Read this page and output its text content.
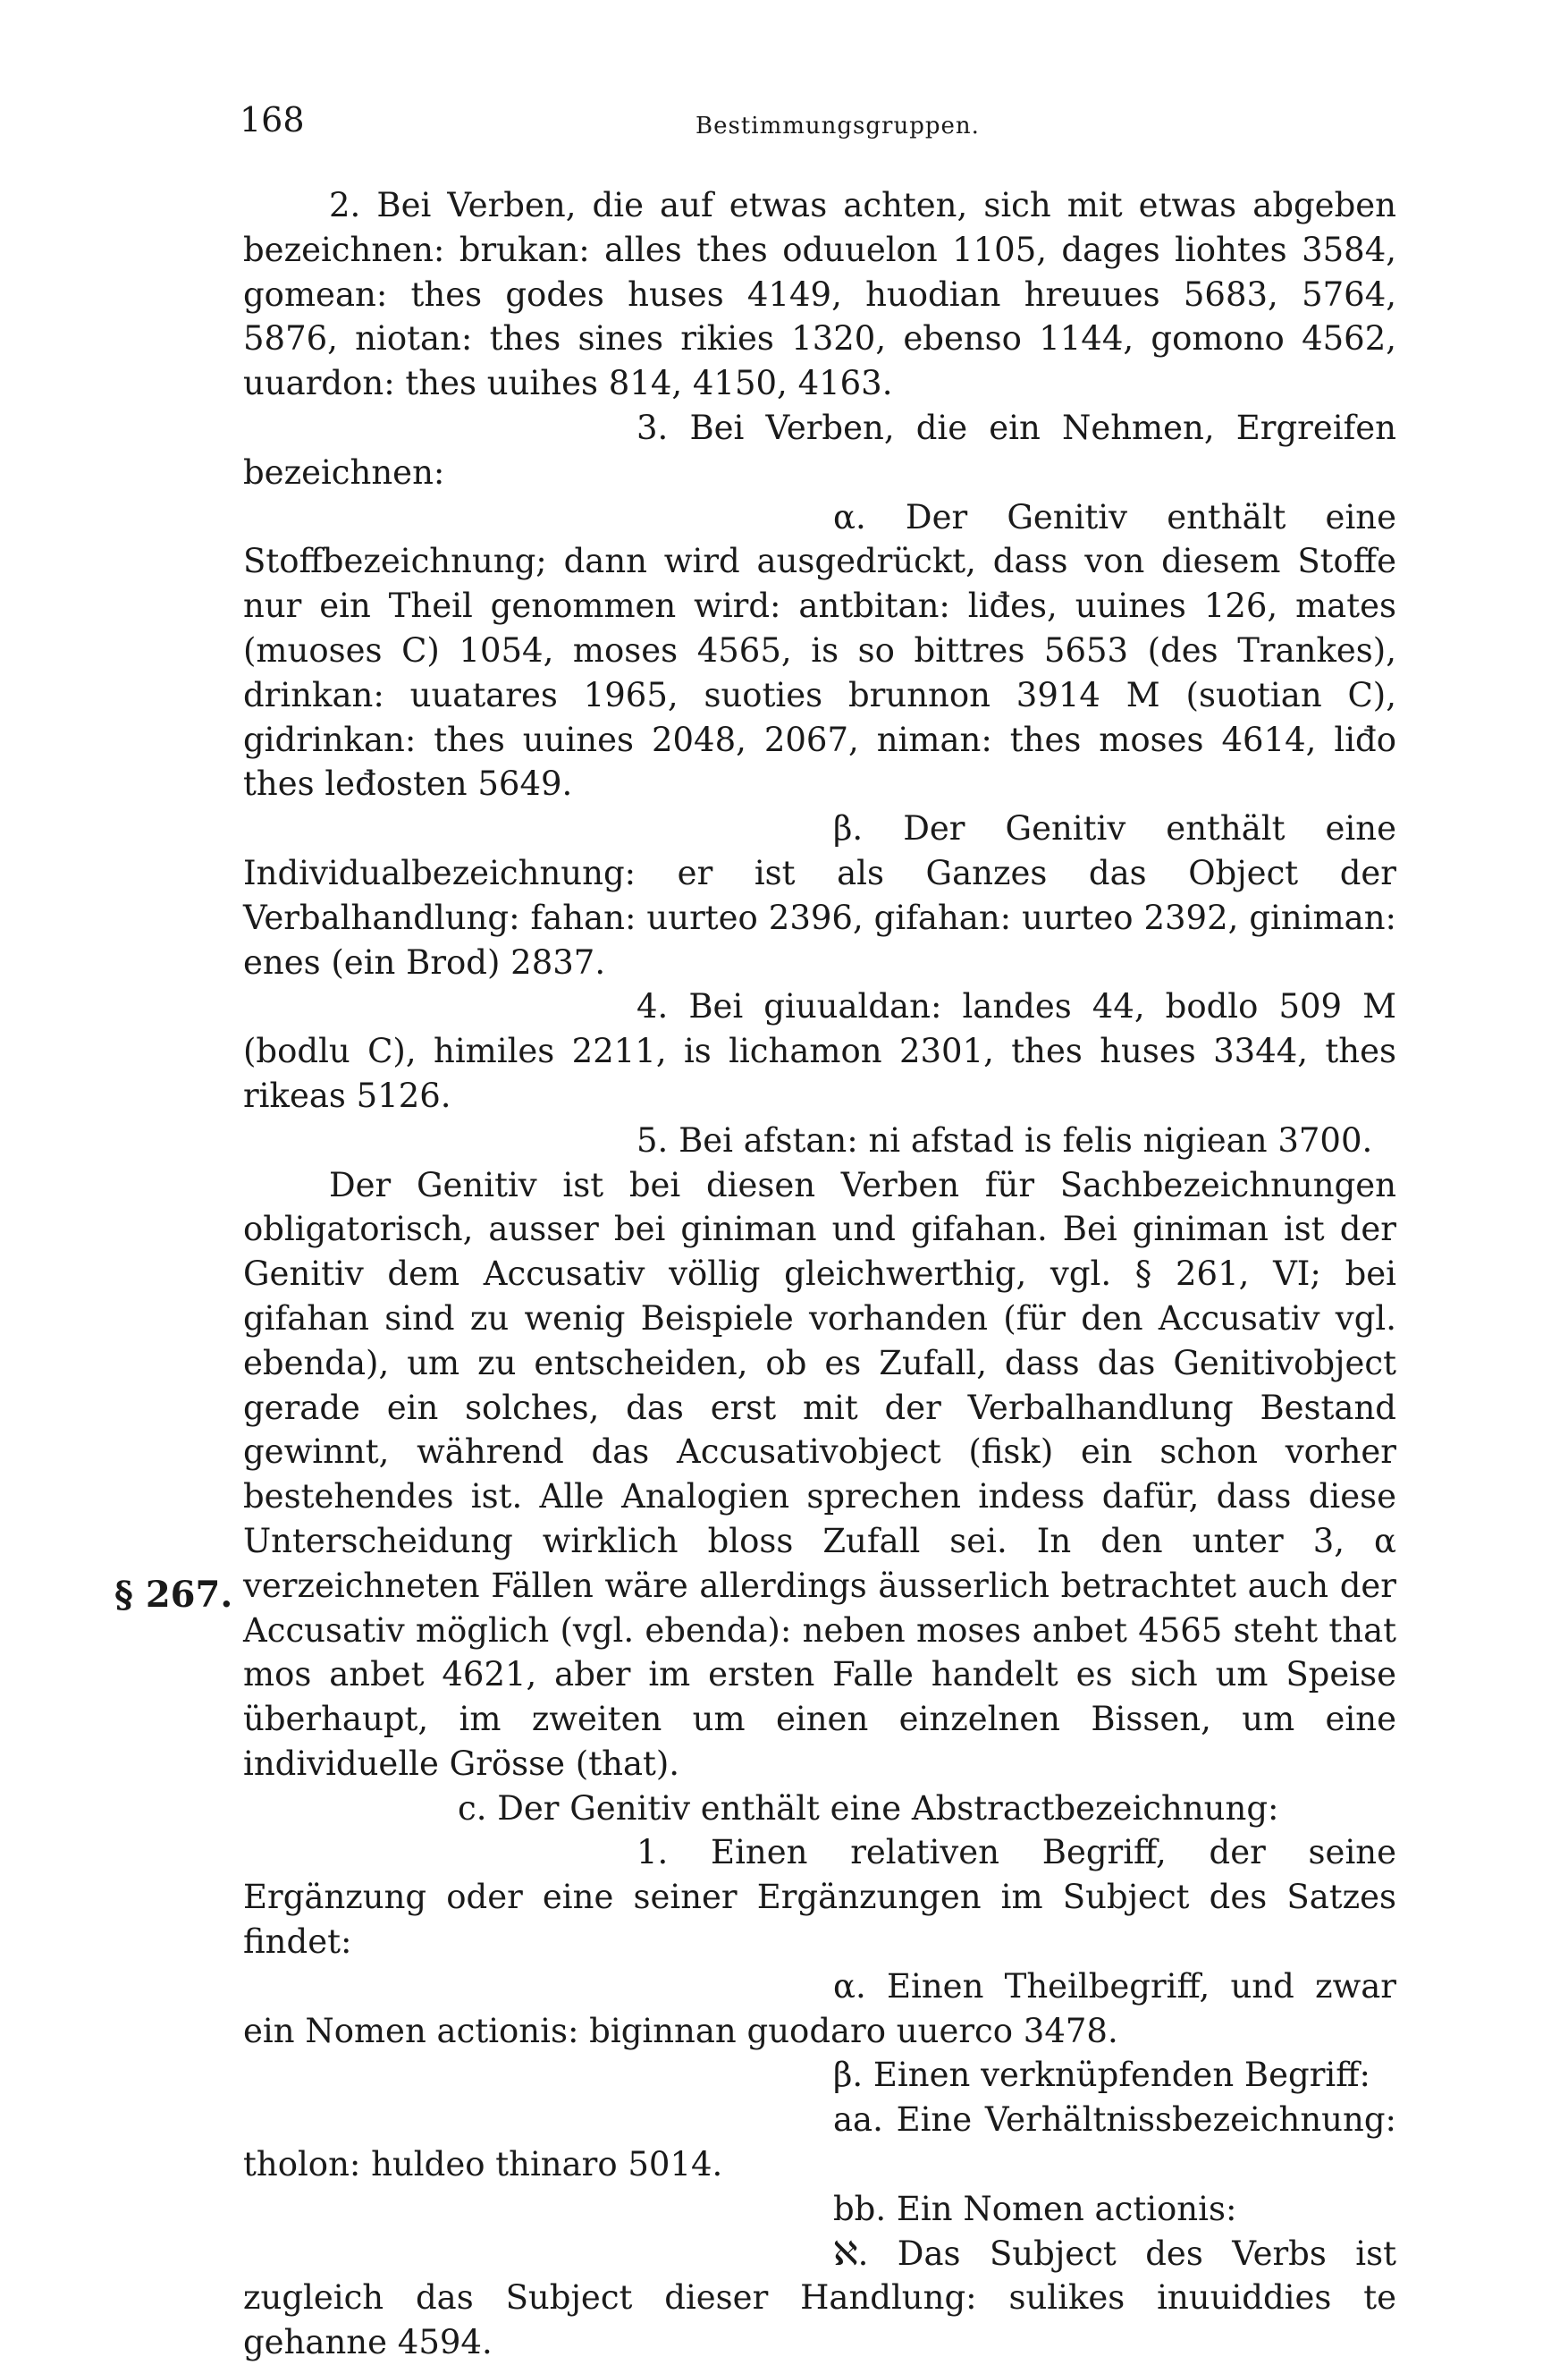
168	Bestimmungsgruppen.
§ 267.

2. Bei Verben, die auf etwas achten, sich mit etwas abgeben bezeichnen: brukan: alles thes oduuelon 1105, dages liohtes 3584, gomean: thes godes huses 4149, huodian hreuues 5683, 5764, 5876, niotan: thes sines rikies 1320, ebenso 1144, gomono 4562, uuardon: thes uuihes 814, 4150, 4163.

3. Bei Verben, die ein Nehmen, Ergreifen bezeichnen:

α. Der Genitiv enthält eine Stoffbezeichnung; dann wird ausgedrückt, dass von diesem Stoffe nur ein Theil genommen wird: antbitan: liđes, uuines 126, mates (muoses C) 1054, moses 4565, is so bittres 5653 (des Trankes), drinkan: uuatares 1965, suoties brunnon 3914 M (suotian C), gidrinkan: thes uuines 2048, 2067, niman: thes moses 4614, liđo thes leđosten 5649.

β. Der Genitiv enthält eine Individualbezeichnung: er ist als Ganzes das Object der Verbalhandlung: fahan: uurteo 2396, gifahan: uurteo 2392, giniman: enes (ein Brod) 2837.

4. Bei giuualdan: landes 44, bodlo 509 M (bodlu C), himiles 2211, is lichamon 2301, thes huses 3344, thes rikeas 5126.

5. Bei afstan: ni afstad is felis nigiean 3700.

Der Genitiv ist bei diesen Verben für Sachbezeichnungen obligatorisch, ausser bei giniman und gifahan. Bei giniman ist der Genitiv dem Accusativ völlig gleichwerthig, vgl. § 261, VI; bei gifahan sind zu wenig Beispiele vorhanden (für den Accusativ vgl. ebenda), um zu entscheiden, ob es Zufall, dass das Genitivobject gerade ein solches, das erst mit der Verbalhandlung Bestand gewinnt, während das Accusativobject (fisk) ein schon vorher bestehendes ist. Alle Analogien sprechen indess dafür, dass diese Unterscheidung wirklich bloss Zufall sei. In den unter 3, α verzeichneten Fällen wäre allerdings äusserlich betrachtet auch der Accusativ möglich (vgl. ebenda): neben moses anbet 4565 steht that mos anbet 4621, aber im ersten Falle handelt es sich um Speise überhaupt, im zweiten um einen einzelnen Bissen, um eine individuelle Grösse (that).

c. Der Genitiv enthält eine Abstractbezeichnung:

1. Einen relativen Begriff, der seine Ergänzung oder eine seiner Ergänzungen im Subject des Satzes findet:

α. Einen Theilbegriff, und zwar ein Nomen actionis: biginnan guodaro uuerco 3478.

β. Einen verknüpfenden Begriff:

aa. Eine Verhältnissbezeichnung: tholon: huldeo thinaro 5014.

bb. Ein Nomen actionis:

ℵ. Das Subject des Verbs ist zugleich das Subject dieser Handlung: sulikes inuuiddies te gehanne 4594.
